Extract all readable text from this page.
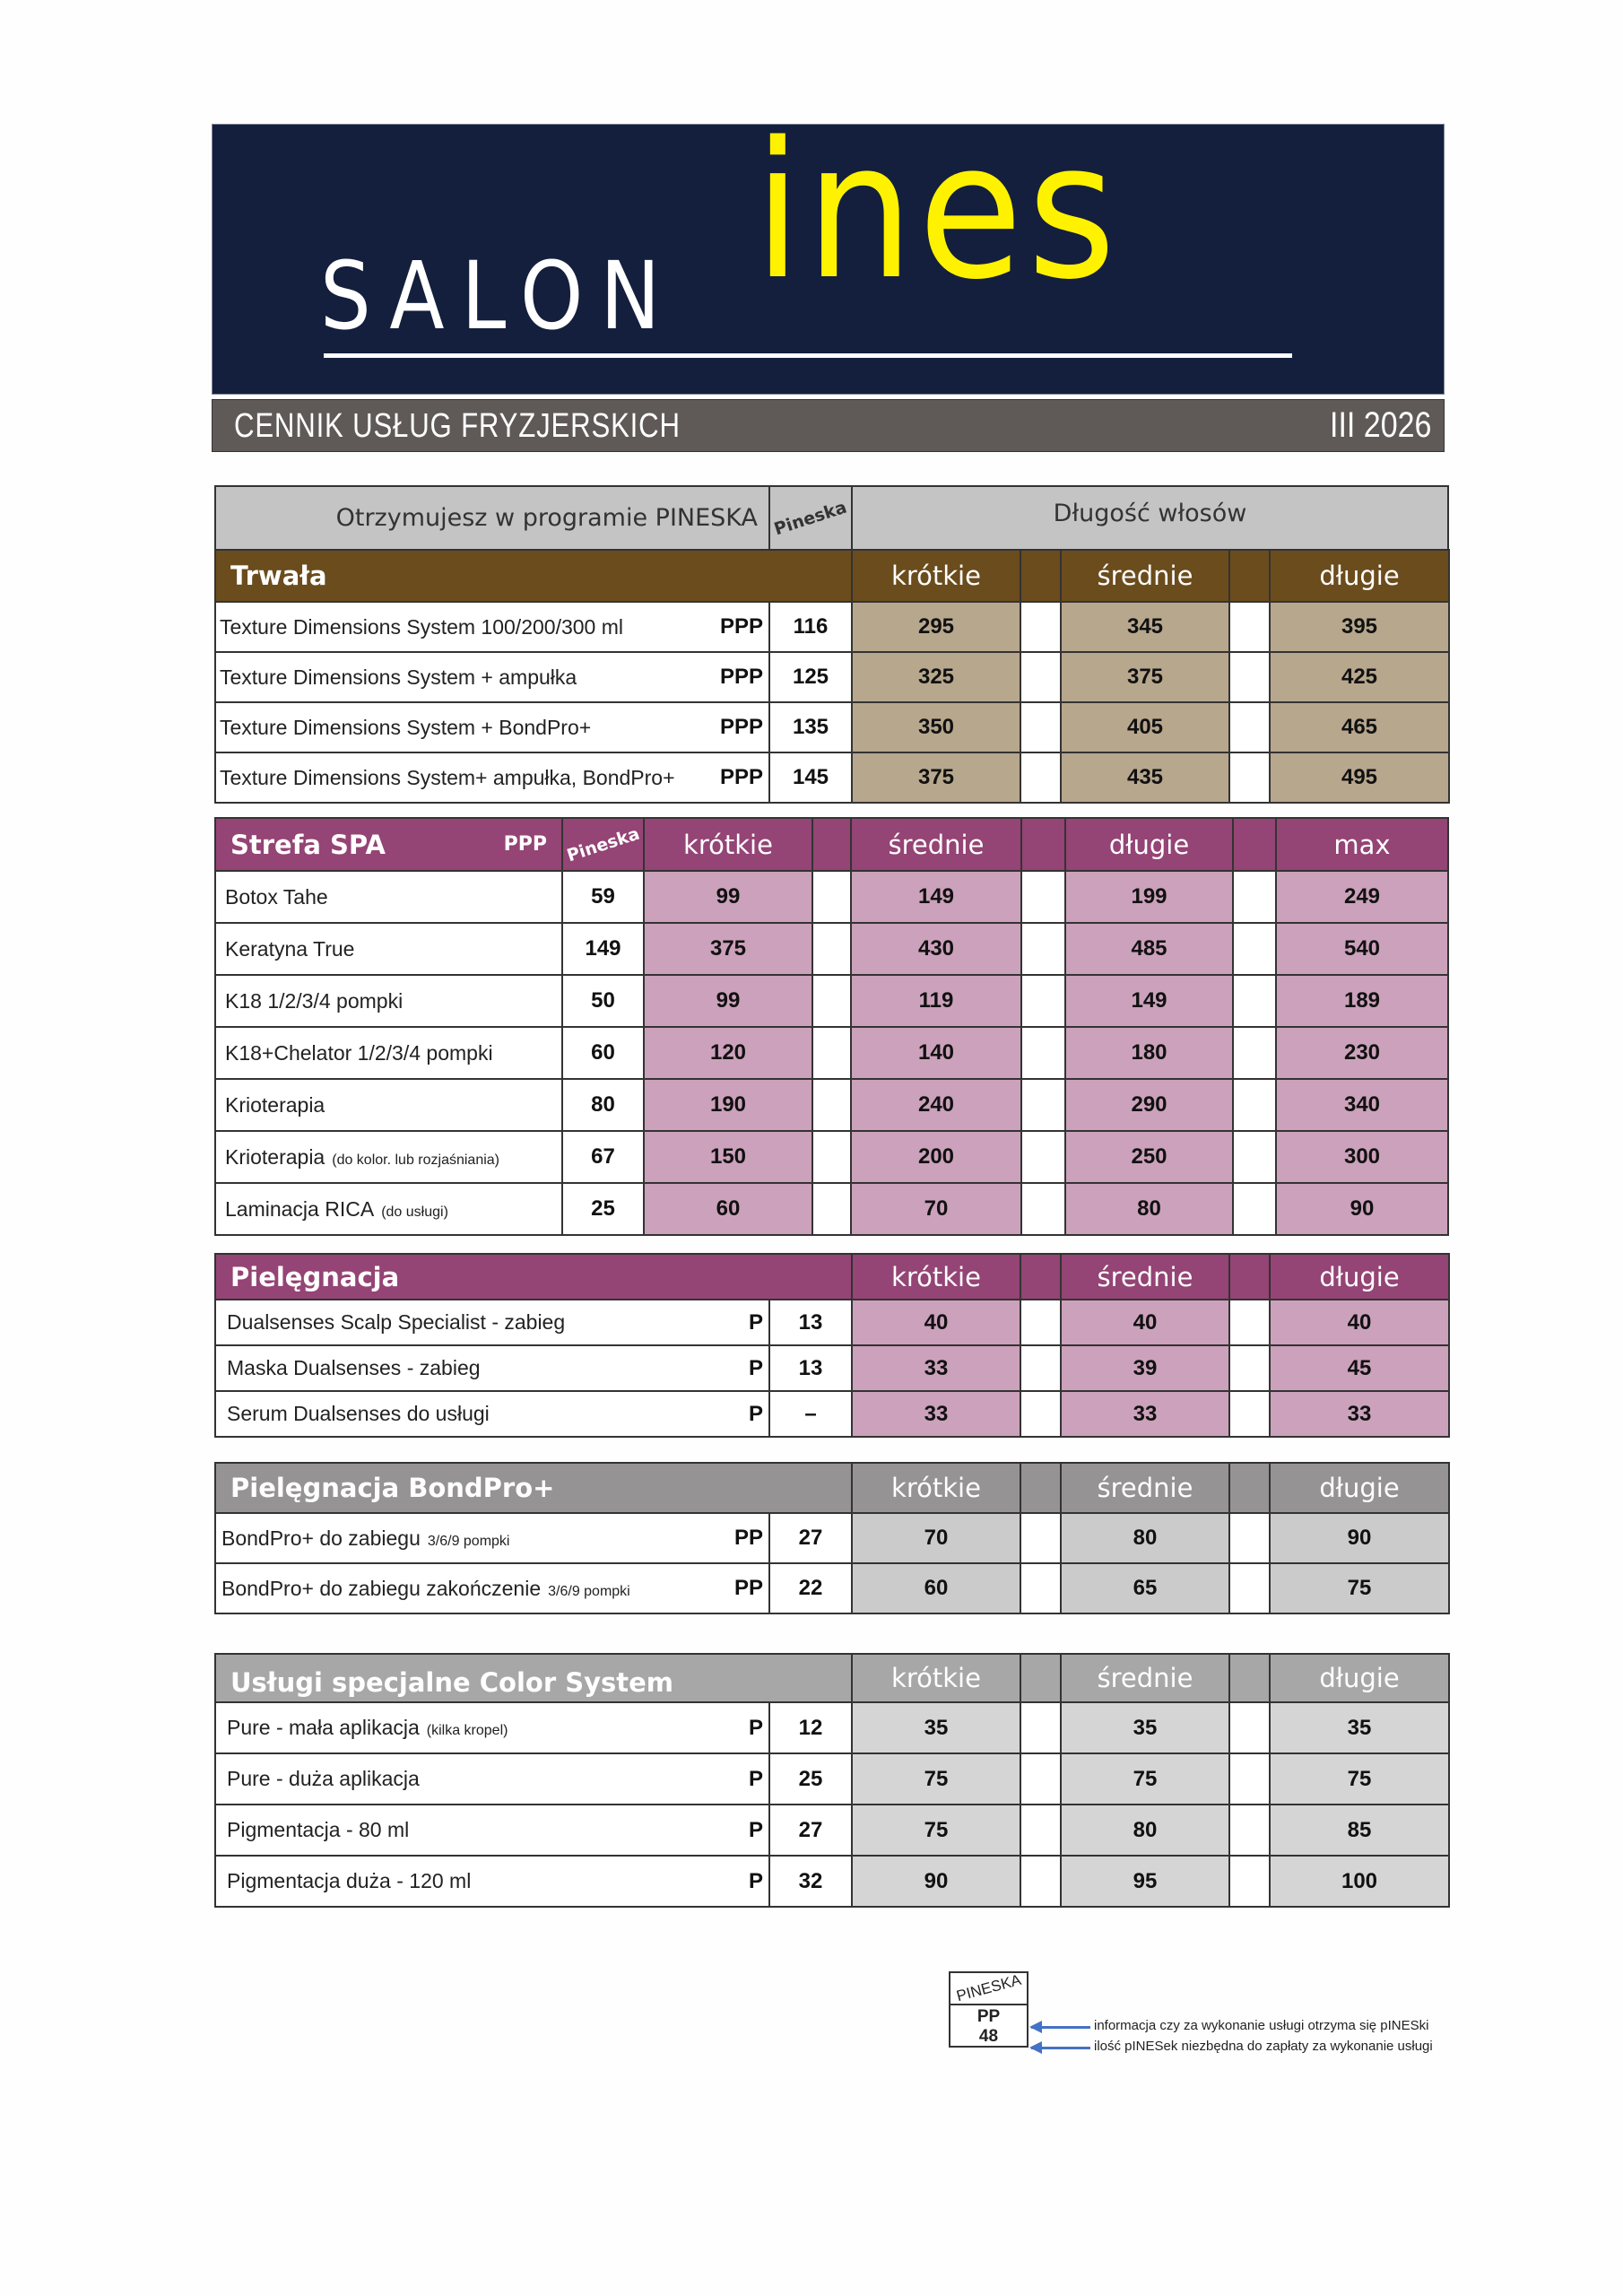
SALON ines
CENNIK USŁUG FRYZJERSKICH	III 2026
Otrzymujesz w programie PINESKA Pineska	Długość włosów
Trwała	krótkie	średnie	długie
Texture Dimensions System 100/200/300 ml	PPP	116	295	345	395
Texture Dimensions System + ampułka	PPP	125	325	375	425
Texture Dimensions System + BondPro+	PPP	135	350	405	465
Texture Dimensions System+ ampułka, BondPro+ PPP	145	375	435	495
Strefa SPA	PPP Pineska	krótkie	średnie	długie	max
Botox Tahe	59	99	149	199	249
Keratyna True	149	375	430	485	540
K18 1/2/3/4 pompki	50	99	119	149	189
K18+Chelator 1/2/3/4 pompki	60	120	140	180	230
Krioterapia	80	190	240	290	340
Krioterapia (do kolor. lub rozjaśniania)	67	150	200	250	300
Laminacja RICA (do usługi)	25	60	70	80	90
Pielęgnacja	krótkie	średnie	długie
Dualsenses Scalp Specialist - zabieg	P	13	40	40	40
Maska Dualsenses - zabieg	P	13	33	39	45
Serum Dualsenses do usługi	P	–	33	33	33
Pielęgnacja BondPro+	krótkie	średnie	długie
BondPro+ do zabiegu 3/6/9 pompki	PP	27	70	80	90
BondPro+ do zabiegu zakończenie 3/6/9 pompki	PP	22	60	65	75
Usługi specjalne Color System	krótkie	średnie	długie
Pure - mała aplikacja (kilka kropel)	P	12	35	35	35
Pure - duża aplikacja	P	25	75	75	75
Pigmentacja - 80 ml	P	27	75	80	85
Pigmentacja duża - 120 ml	P	32	90	95	100
PINESKA
PP
48
informacja czy za wykonanie usługi otrzyma się pINESki
ilość pINESek niezbędna do zapłaty za wykonanie usługi
